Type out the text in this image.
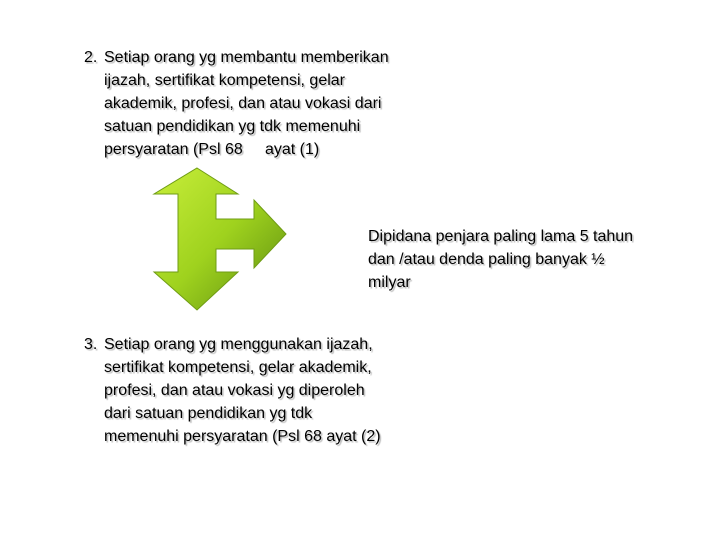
2. Setiap orang yg membantu memberikan
ijazah, sertifikat kompetensi, gelar
akademik, profesi, dan atau vokasi dari
satuan pendidikan yg tdk memenuhi
persyaratan (Psl 68     ayat (1)
Dipidana penjara paling lama 5 tahun
dan /atau denda paling banyak ½
milyar
3. Setiap orang yg menggunakan ijazah,
sertifikat kompetensi, gelar akademik,
profesi, dan atau vokasi yg diperoleh
dari satuan pendidikan yg tdk
memenuhi persyaratan (Psl 68 ayat (2)
